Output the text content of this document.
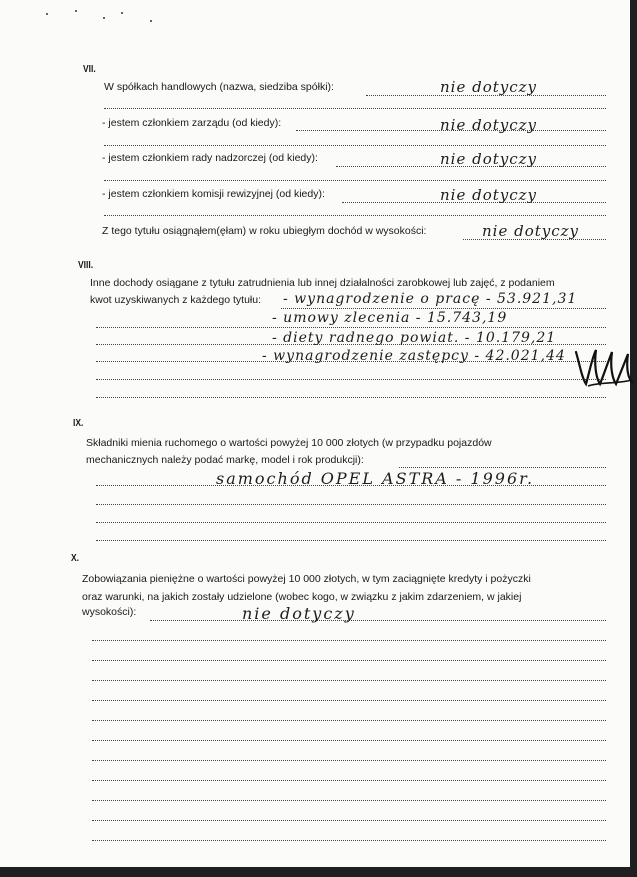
VII.
W spółkach handlowych (nazwa, siedziba spółki):	nie dotyczy
- jestem członkiem zarządu (od kiedy):	nie dotyczy
- jestem członkiem rady nadzorczej (od kiedy):	nie dotyczy
- jestem członkiem komisji rewizyjnej (od kiedy):	nie dotyczy
Z tego tytułu osiągnąłem(ęłam) w roku ubiegłym dochód w wysokości:	nie dotyczy
VIII.
Inne dochody osiągane z tytułu zatrudnienia lub innej działalności zarobkowej lub zajęć, z podaniem
kwot uzyskiwanych z każdego tytułu: - wynagrodzenie o pracę - 53.921,31
- umowy zlecenia - 15.743,19
- diety radnego powiat. - 10.179,21
- wynagrodzenie zastępcy - 42.021,44
IX.
Składniki mienia ruchomego o wartości powyżej 10 000 złotych (w przypadku pojazdów
mechanicznych należy podać markę, model i rok produkcji):
samochód OPEL ASTRA - 1996r.
X.
Zobowiązania pieniężne o wartości powyżej 10 000 złotych, w tym zaciągnięte kredyty i pożyczki
oraz warunki, na jakich zostały udzielone (wobec kogo, w związku z jakim zdarzeniem, w jakiej
wysokości):	nie dotyczy
